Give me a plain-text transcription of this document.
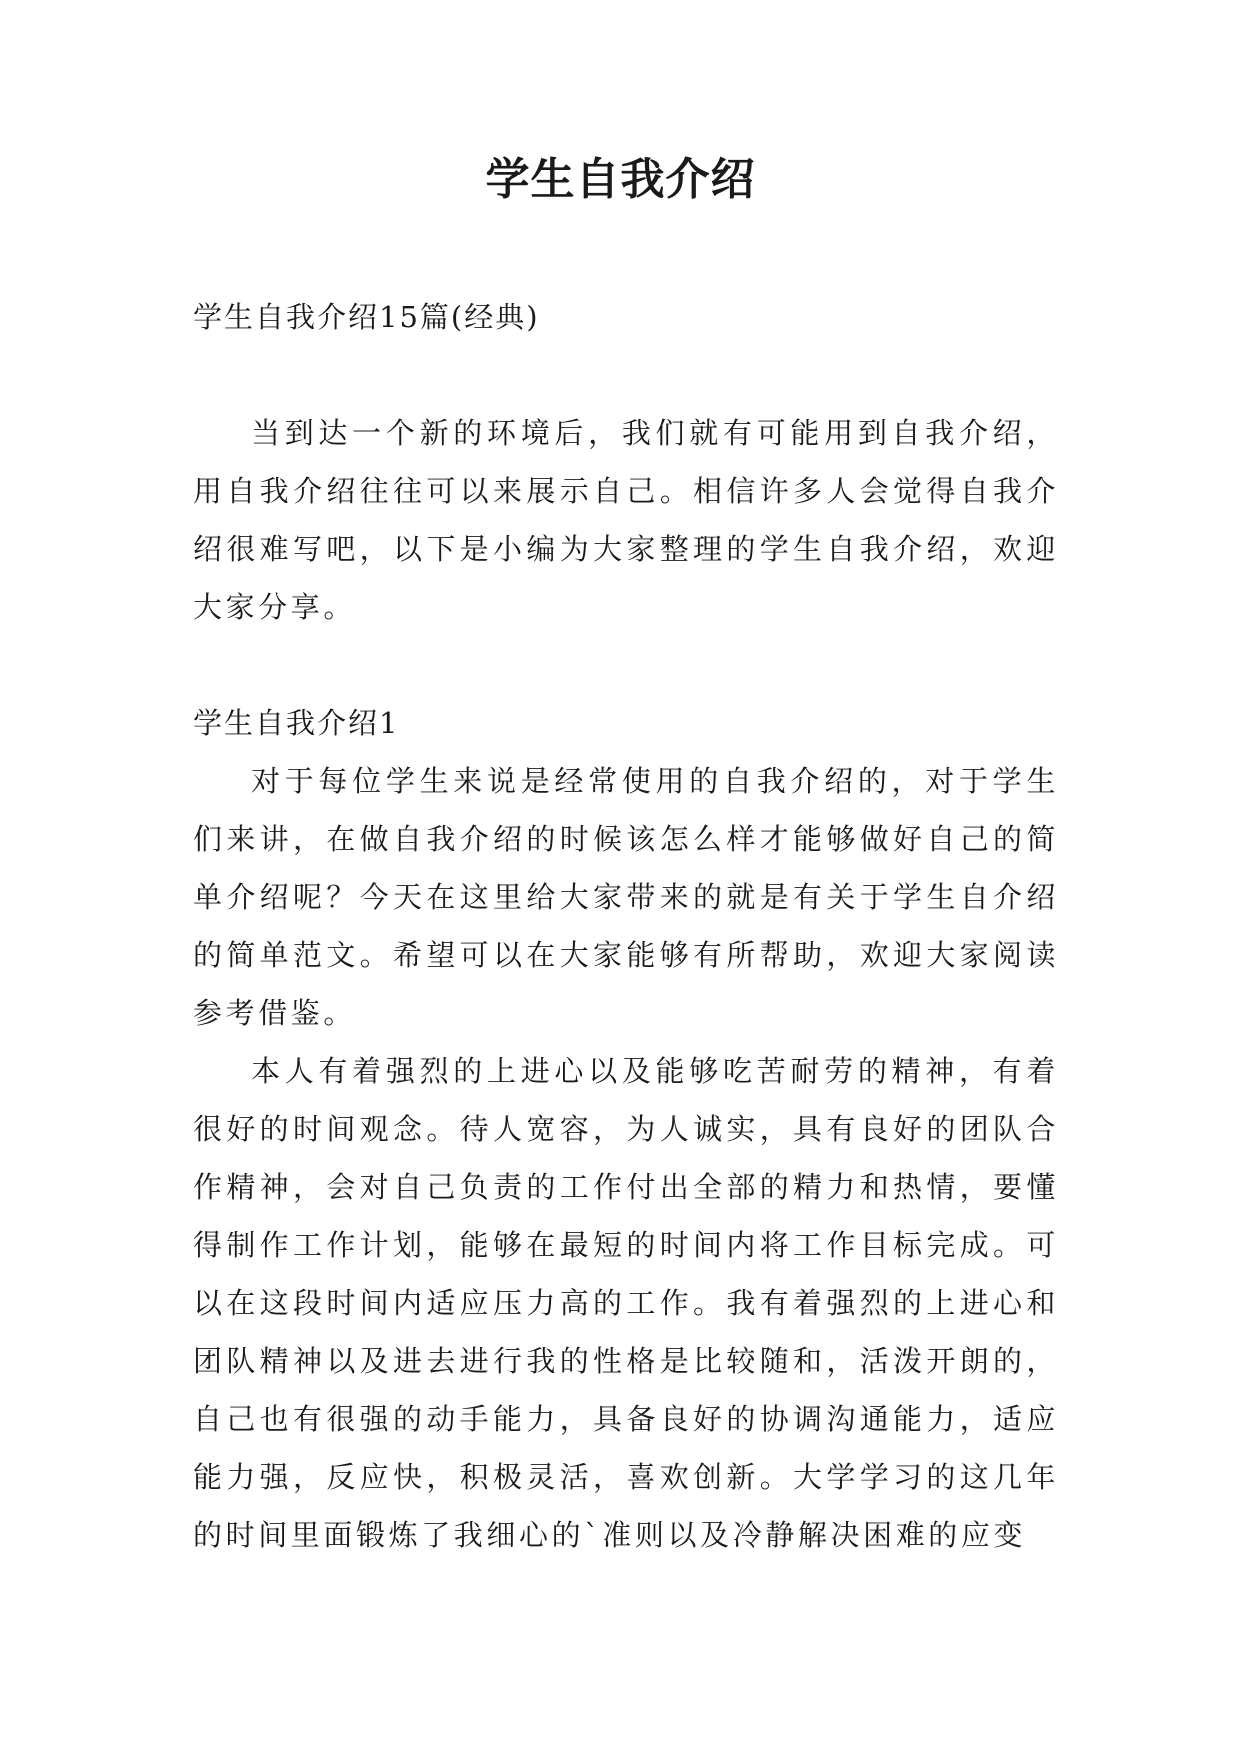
学生自我介绍

学生自我介绍15篇(经典)

当到达一个新的环境后，我们就有可能用到自我介绍，用自我介绍往往可以来展示自己。相信许多人会觉得自我介绍很难写吧，以下是小编为大家整理的学生自我介绍，欢迎大家分享。

学生自我介绍1

对于每位学生来说是经常使用的自我介绍的，对于学生们来讲，在做自我介绍的时候该怎么样才能够做好自己的简单介绍呢？今天在这里给大家带来的就是有关于学生自介绍的简单范文。希望可以在大家能够有所帮助，欢迎大家阅读参考借鉴。

本人有着强烈的上进心以及能够吃苦耐劳的精神，有着很好的时间观念。待人宽容，为人诚实，具有良好的团队合作精神，会对自己负责的工作付出全部的精力和热情，要懂得制作工作计划，能够在最短的时间内将工作目标完成。可以在这段时间内适应压力高的工作。我有着强烈的上进心和团队精神以及进去进行我的性格是比较随和，活泼开朗的，自己也有很强的动手能力，具备良好的协调沟通能力，适应能力强，反应快，积极灵活，喜欢创新。大学学习的这几年的时间里面锻炼了我细心的`准则以及冷静解决困难的应变
